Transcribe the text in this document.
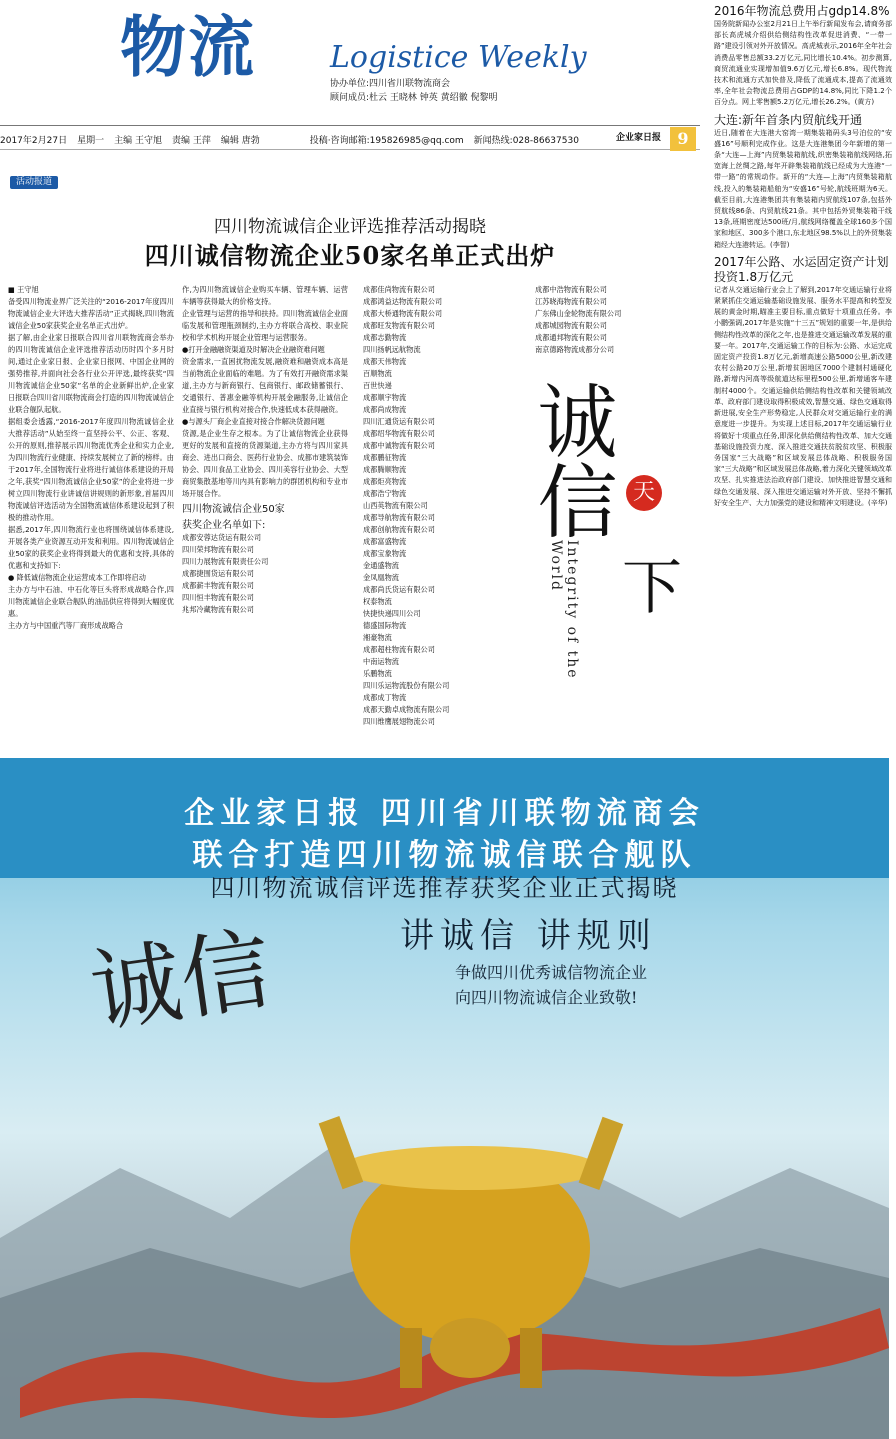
物流 Logistice Weekly
协办单位:四川省川联物流商会
顾问成员:杜云 王晓林 钟英 黄绍徽 倪黎明
2017年2月27日 星期一 主编 王守旭 责编 王萍 编辑 唐勃	投稿·咨询邮箱:195826985@qq.com 新闻热线:028-86637530	企业家日报	9
活动报道
四川物流诚信企业评选推荐活动揭晓
四川诚信物流企业50家名单正式出炉

■ 王守旭

备受四川物流业界广泛关注的“2016-2017年度四川物流诚信企业大评选大推荐活动”正式揭晓,四川物流诚信企业50家获奖企业名单正式出炉。

据了解,由企业家日报联合四川省川联物流商会举办的四川物流诚信企业评选推荐活动历时四个多月时间,通过企业家日报、企业家日报网、中国企业网的强势推荐,并面向社会各行业公开评选,最终获奖“四川物流诚信企业50家”名单的企业新鲜出炉,企业家日报联合四川省川联物流商会打造的四川物流诚信企业联合舰队起航。

据组委会透露,“2016-2017年度四川物流诚信企业大推荐活动”从始至终一直坚持公平、公正、客观、公开的原则,推荐展示四川物流优秀企业和实力企业,为四川物流行业健康、持续发展树立了新的榜样。由于2017年,全国物流行业将进行诚信体系建设的开局之年,获奖“四川物流诚信企业50家”的企业将进一步树立四川物流行业讲诚信讲规则的新形象,首届四川物流诚信评选活动为全国物流诚信体系建设起到了积极的推动作用。

据悉,2017年,四川物流行业也将围绕诚信体系建设,开展各类产业资源互动开发和利用。四川物流诚信企业50家的获奖企业将得到最大的优惠和支持,具体的优惠和支持如下:

● 降低诚信物流企业运营成本工作即将启动

主办方与中石油、中石化等巨头将形成战略合作,四川物流诚信企业联合舰队的油品供应将得到大幅度优惠。

主办方与中国重汽等厂商形成战略合

作,为四川物流诚信企业购买车辆、管理车辆、运营车辆等获得最大的价格支持。

企业管理与运营的指导和扶持。四川物流诚信企业面临发展和管理瓶颈制约,主办方将联合高校、职业院校和学术机构开展企业管理与运营服务。

●打开金融融资渠道及时解决企业融资难问题

资金需求,一直困扰物流发展,融资难和融资成本高是当前物流企业面临的难题。为了有效打开融资需求渠道,主办方与新商银行、包商银行、邮政储蓄银行、交通银行、普惠金融等机构开展金融服务,让诚信企业直接与银行机构对接合作,快速低成本获得融资。

●与源头厂商企业直接对接合作解决货源问题

货源,是企业生存之根本。为了让诚信物流企业获得更好的发展和直接的货源渠道,主办方将与四川家具商会、进出口商会、医药行业协会、成都市建筑装饰协会、四川食品工业协会、四川美容行业协会、大型商贸集散基地等川内具有影响力的群团机构和专业市场开展合作。

四川物流诚信企业50家
获奖企业名单如下:
成都安蓉达货运有限公司
四川荣邦物流有限公司
四川力展物流有限责任公司
成都捷围货运有限公司
成都薪丰物流有限公司
四川恒丰物流有限公司
兆邦冷藏物流有限公司
成都佳尚物流有限公司
成都鸿益达物流有限公司
成都大桥通物流有限公司
成都旺发物流有限公司
成都志勤物流
四川扬帆远航物流
成都天伟物流
百顺物流
百世快递
成都顺宇物流
成都尚成物流
四川汇通货运有限公司
成都绍华物流有限公司
成都中诚物流有限公司
成都鹏征物流
成都腾顺物流
成都炬亮物流
成都浩宁物流
山西英物流有限公司
成都导航物流有限公司
成都创航物流有限公司
成都富盛物流
成都宝象物流
金通盛物流
金凤凰物流
成都尚氏货运有限公司
权泰物流
快捷快递四川公司
德盛国际物流
湘豪物流
成都超柱物流有限公司
中南运物流
乐鹏物流
四川乐运物流股份有限公司
成都成丁物流
成都天勤卓成物流有限公司
四川维鹰展翅物流公司
成都中浩物流有限公司
江苏晓海物流有限公司
广东佛山金轮物流有限公司
成都城园物流有限公司
成都通邦物流有限公司
南京德路物流成都分公司
诚信 天
下
Integrity of the World
2016年物流总费用占gdp14.8%
国务院新闻办公室2月21日上午举行新闻发布会,请商务部部长高虎城介绍供给侧结构性改革促进消费、“一带一路”建设引领对外开放情况。高虎城表示,2016年全年社会消费品零售总额33.2万亿元,同比增长10.4%。初步测算,商贸流通业实现增加值9.6万亿元,增长6.8%。现代物流技术和流通方式加快普及,降低了流通成本,提高了流通效率,全年社会物流总费用占GDP的14.8%,同比下降1.2个百分点。网上零售额5.2万亿元,增长26.2%。(黄方)
大连:新年首条内贸航线开通
近日,随着在大连港大窑湾一期集装箱码头3号泊位的“安盛16”号顺利完成作业。这是大连港集团今年新增的第一条“大连—上海”内贸集装箱航线,织密集装箱航线网络,拓宽海上丝绸之路,每年开辟集装箱航线已经成为大连港“一带一路”的常规动作。新开的“大连—上海”内贸集装箱航线,投入的集装箱船舶为“安盛16”号轮,航线班期为6天。截至目前,大连港集团共有集装箱内贸航线107条,包括外贸航线86条、内贸航线21条。其中包括外贸集装箱干线13条,班期密度达500班/月,航线网络覆盖全球160多个国家和地区、300多个港口,东北地区98.5%以上的外贸集装箱经大连港转运。(李智)
2017年公路、水运固定资产计划投资1.8万亿元
记者从交通运输行业会上了解到,2017年交通运输行业将紧紧抓住交通运输基础设施发展、服务水平提高和转型发展的黄金时期,瞄准主要目标,重点做好十项重点任务。李小鹏强调,2017年是实施“十三五”规划的重要一年,是供给侧结构性改革的深化之年,也是推进交通运输改革发展的重要一年。2017年,交通运输工作的目标为:公路、水运完成固定资产投资1.8万亿元,新增高速公路5000公里,新改建农村公路20万公里,新增贫困地区7000个建制村通硬化路,新增内河高等级航道达标里程500公里,新增通客车建制村4000个。交通运输供给侧结构性改革和关键领域改革、政府部门建设取得积极成效,智慧交通、绿色交通取得新进展,安全生产形势稳定,人民群众对交通运输行业的满意度进一步提升。为实现上述目标,2017年交通运输行业将做好十项重点任务,即深化供给侧结构性改革、加大交通基础设施投资力度、深入推进交通扶贫脱贫攻坚、积极服务国家“三大战略”和区域发展总体战略、积极服务国家“三大战略”和区域发展总体战略,着力深化关键领域改革攻坚、扎实推进法治政府部门建设、加快推进智慧交通和绿色交通发展、深入推进交通运输对外开放、坚持不懈抓好安全生产、大力加强党的建设和精神文明建设。(辛华)
企业家日报 四川省川联物流商会
联合打造四川物流诚信联合舰队
四川物流诚信评选推荐获奖企业正式揭晓
讲诚信 讲规则
争做四川优秀诚信物流企业
向四川物流诚信企业致敬!
诚信
